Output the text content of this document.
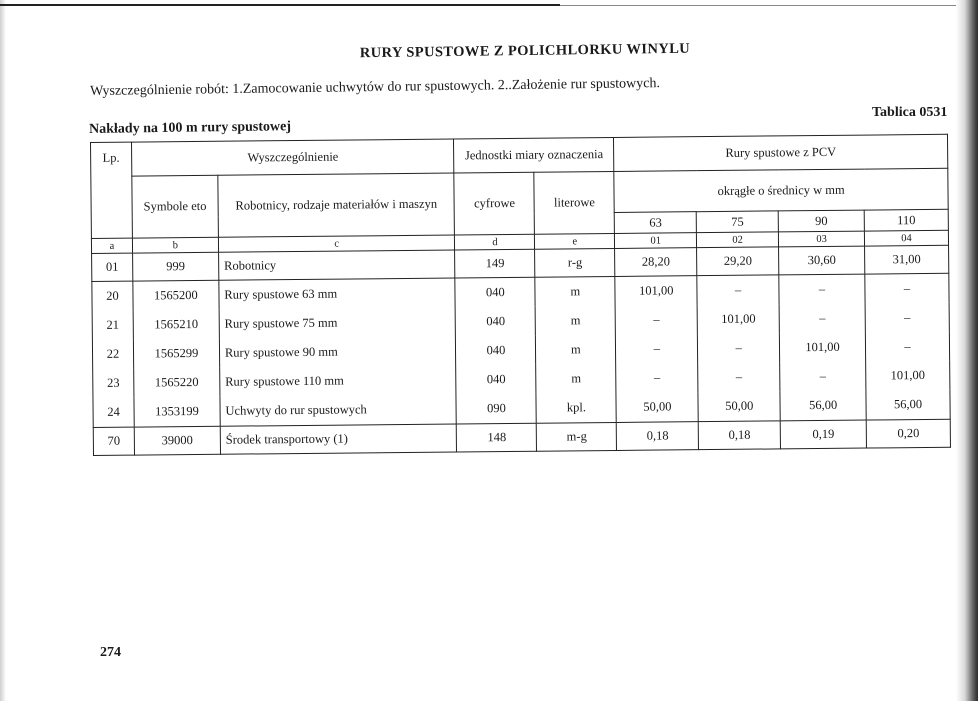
RURY SPUSTOWE Z POLICHLORKU WINYLU
Wyszczególnienie robót: 1.Zamocowanie uchwytów do rur spustowych. 2..Założenie rur spustowych.
Tablica 0531
Nakłady na 100 m rury spustowej
Lp.	Wyszczególnienie		Jednostki miary oznaczenia		Rury spustowe z PCV			
	Symbole eto	Robotnicy, rodzaje materiałów i maszyn	cyfrowe	literowe	okrągłe o średnicy w mm			
					63	75	90	110
a	b	c	d	e	01	02	03	04
01	999	Robotnicy	149	r-g	28,20	29,20	30,60	31,00
20	1565200	Rury spustowe 63 mm	040	m	101,00	–	–	–
21	1565210	Rury spustowe 75 mm	040	m	–	101,00	–	–
22	1565299	Rury spustowe 90 mm	040	m	–	–	101,00	–
23	1565220	Rury spustowe 110 mm	040	m	–	–	–	101,00
24	1353199	Uchwyty do rur spustowych	090	kpl.	50,00	50,00	56,00	56,00
70	39000	Środek transportowy (1)	148	m-g	0,18	0,18	0,19	0,20
274
